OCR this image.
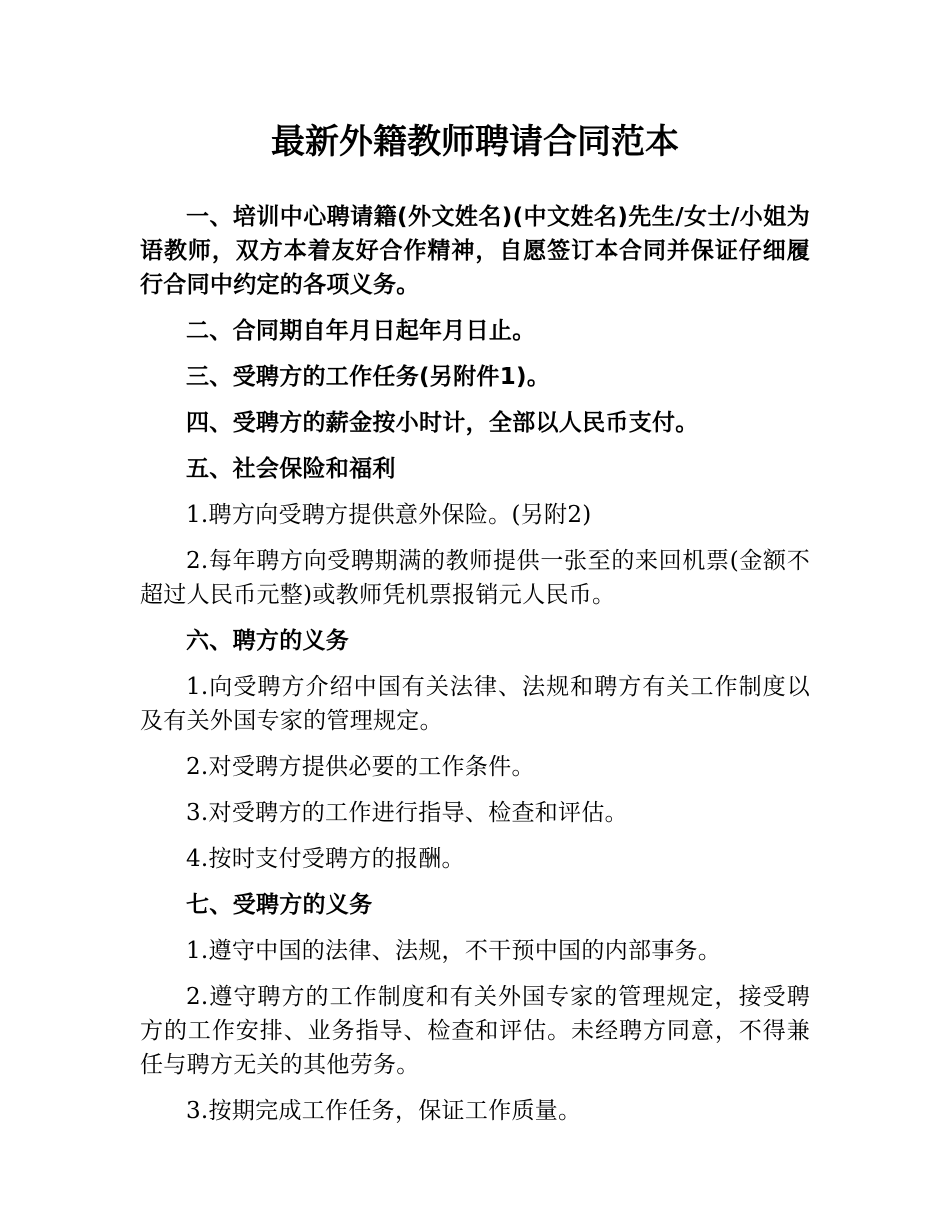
最新外籍教师聘请合同范本

一、培训中心聘请籍(外文姓名)(中文姓名)先生/女士/小姐为语教师，双方本着友好合作精神，自愿签订本合同并保证仔细履行合同中约定的各项义务。

二、合同期自年月日起年月日止。

三、受聘方的工作任务(另附件1)。

四、受聘方的薪金按小时计，全部以人民币支付。

五、社会保险和福利

1.聘方向受聘方提供意外保险。(另附2)

2.每年聘方向受聘期满的教师提供一张至的来回机票(金额不超过人民币元整)或教师凭机票报销元人民币。

六、聘方的义务

1.向受聘方介绍中国有关法律、法规和聘方有关工作制度以及有关外国专家的管理规定。

2.对受聘方提供必要的工作条件。

3.对受聘方的工作进行指导、检查和评估。

4.按时支付受聘方的报酬。

七、受聘方的义务

1.遵守中国的法律、法规，不干预中国的内部事务。

2.遵守聘方的工作制度和有关外国专家的管理规定，接受聘方的工作安排、业务指导、检查和评估。未经聘方同意，不得兼任与聘方无关的其他劳务。

3.按期完成工作任务，保证工作质量。
